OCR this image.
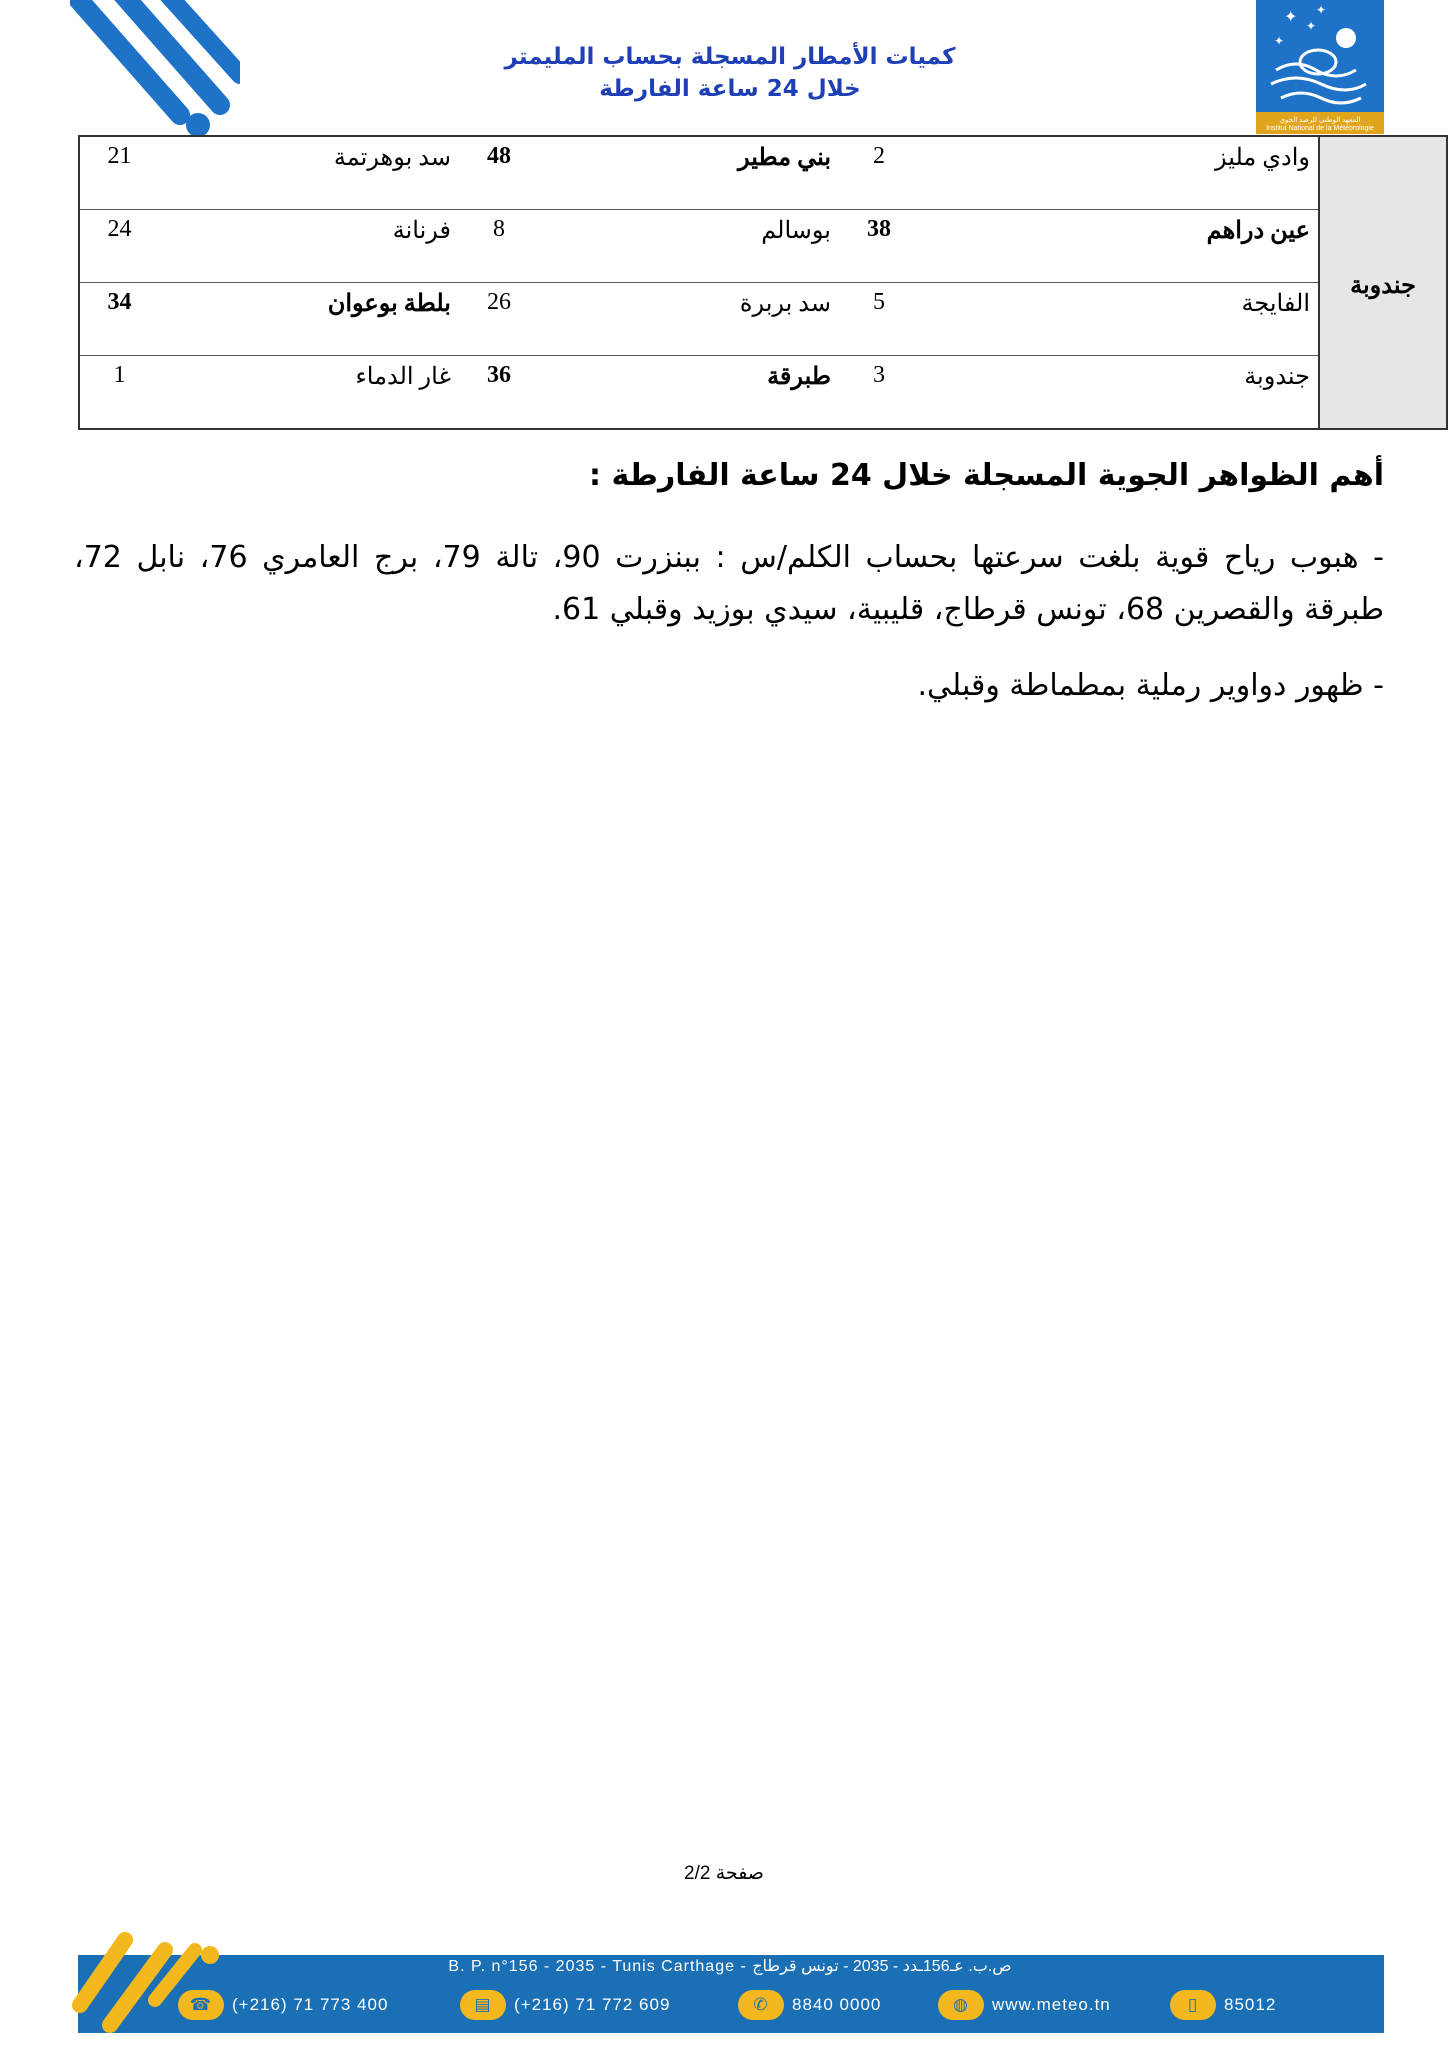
كميات الأمطار المسجلة بحساب المليمتر
خلال 24 ساعة الفارطة
✦ ✦
✦
✦
المعهد الوطني للرصد الجوي
Institut National de la Météorologie
جندوبة	وادي مليز	2	بني مطير	48	سد بوهرتمة	21
	عين دراهم	38	بوسالم	8	فرنانة	24
	الفايجة	5	سد بربرة	26	بلطة بوعوان	34
	جندوبة	3	طبرقة	36	غار الدماء	1
أهم الظواهر الجوية المسجلة خلال 24 ساعة الفارطة :
- هبوب رياح قوية بلغت سرعتها بحساب الكلم/س : ببنزرت 90، تالة 79، برج العامري 76، نابل 72، طبرقة والقصرين 68، تونس قرطاج، قليبية، سيدي بوزيد وقبلي 61.
- ظهور دواوير رملية بمطماطة وقبلي.
صفحة 2/2
B. P. n°156 - 2035 - Tunis Carthage - ص.ب. عـ156ـدد - 2035 - تونس قرطاج
☎	(+216) 71 773 400	▤	(+216) 71 772 609	✆	8840 0000	◍	www.meteo.tn	▯	85012
